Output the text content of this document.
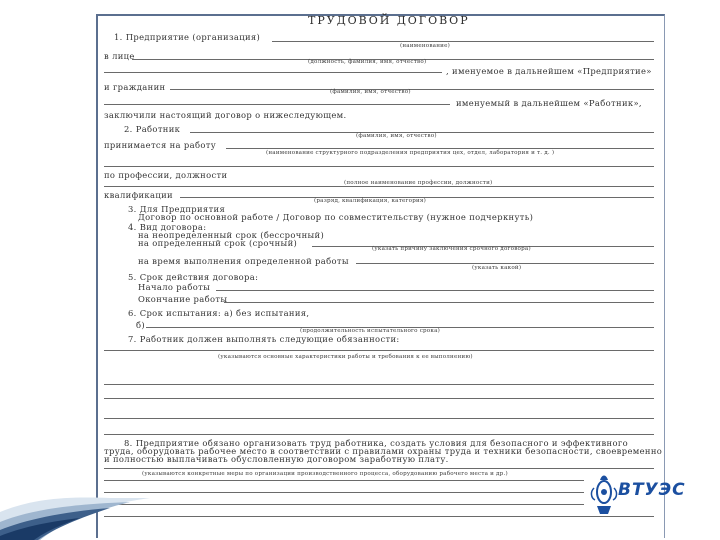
ТРУДОВОЙ ДОГОВОР
1. Предприятие (организация)
(наименование)
в лице
(должность, фамилия, имя, отчество)
, именуемое в дальнейшем «Предприятие»
и гражданин	(фамилия, имя, отчество)
именуемый в дальнейшем «Работник»,
заключили настоящий договор о нижеследующем.
2. Работник
(фамилия, имя, отчество)
принимается на работу
(наименование структурного подразделения предприятия цех, отдел, лаборатория и т. д. )
по профессии, должности
(полное наименование профессии, должности)
квалификации
(разряд, квалификация, категория)
3. Для Предприятия
Договор по основной работе / Договор по совместительству (нужное подчеркнуть)
4. Вид договора:
на неопределенный срок (бессрочный)
на определенный срок (срочный)
(указать причину заключения срочного договора)
на время выполнения определенной работы
(указать какой)
5. Срок действия договора:
Начало работы
Окончание работы
6. Срок испытания: а) без испытания,
б)
(продолжительность испытательного срока)
7. Работник должен выполнять следующие обязанности:
(указываются основные характеристики работы и требования к ее выполнению)
8. Предприятие обязано организовать труд работника, создать условия для безопасного и эффективного
труда, оборудовать рабочее место в соответствии с правилами охраны труда и техники безопасности, своевременно
и полностью выплачивать обусловленную договором заработную плату.
(указываются конкретные меры по организации производственного процесса, оборудованию рабочего места и др.)
ВТУЭС
